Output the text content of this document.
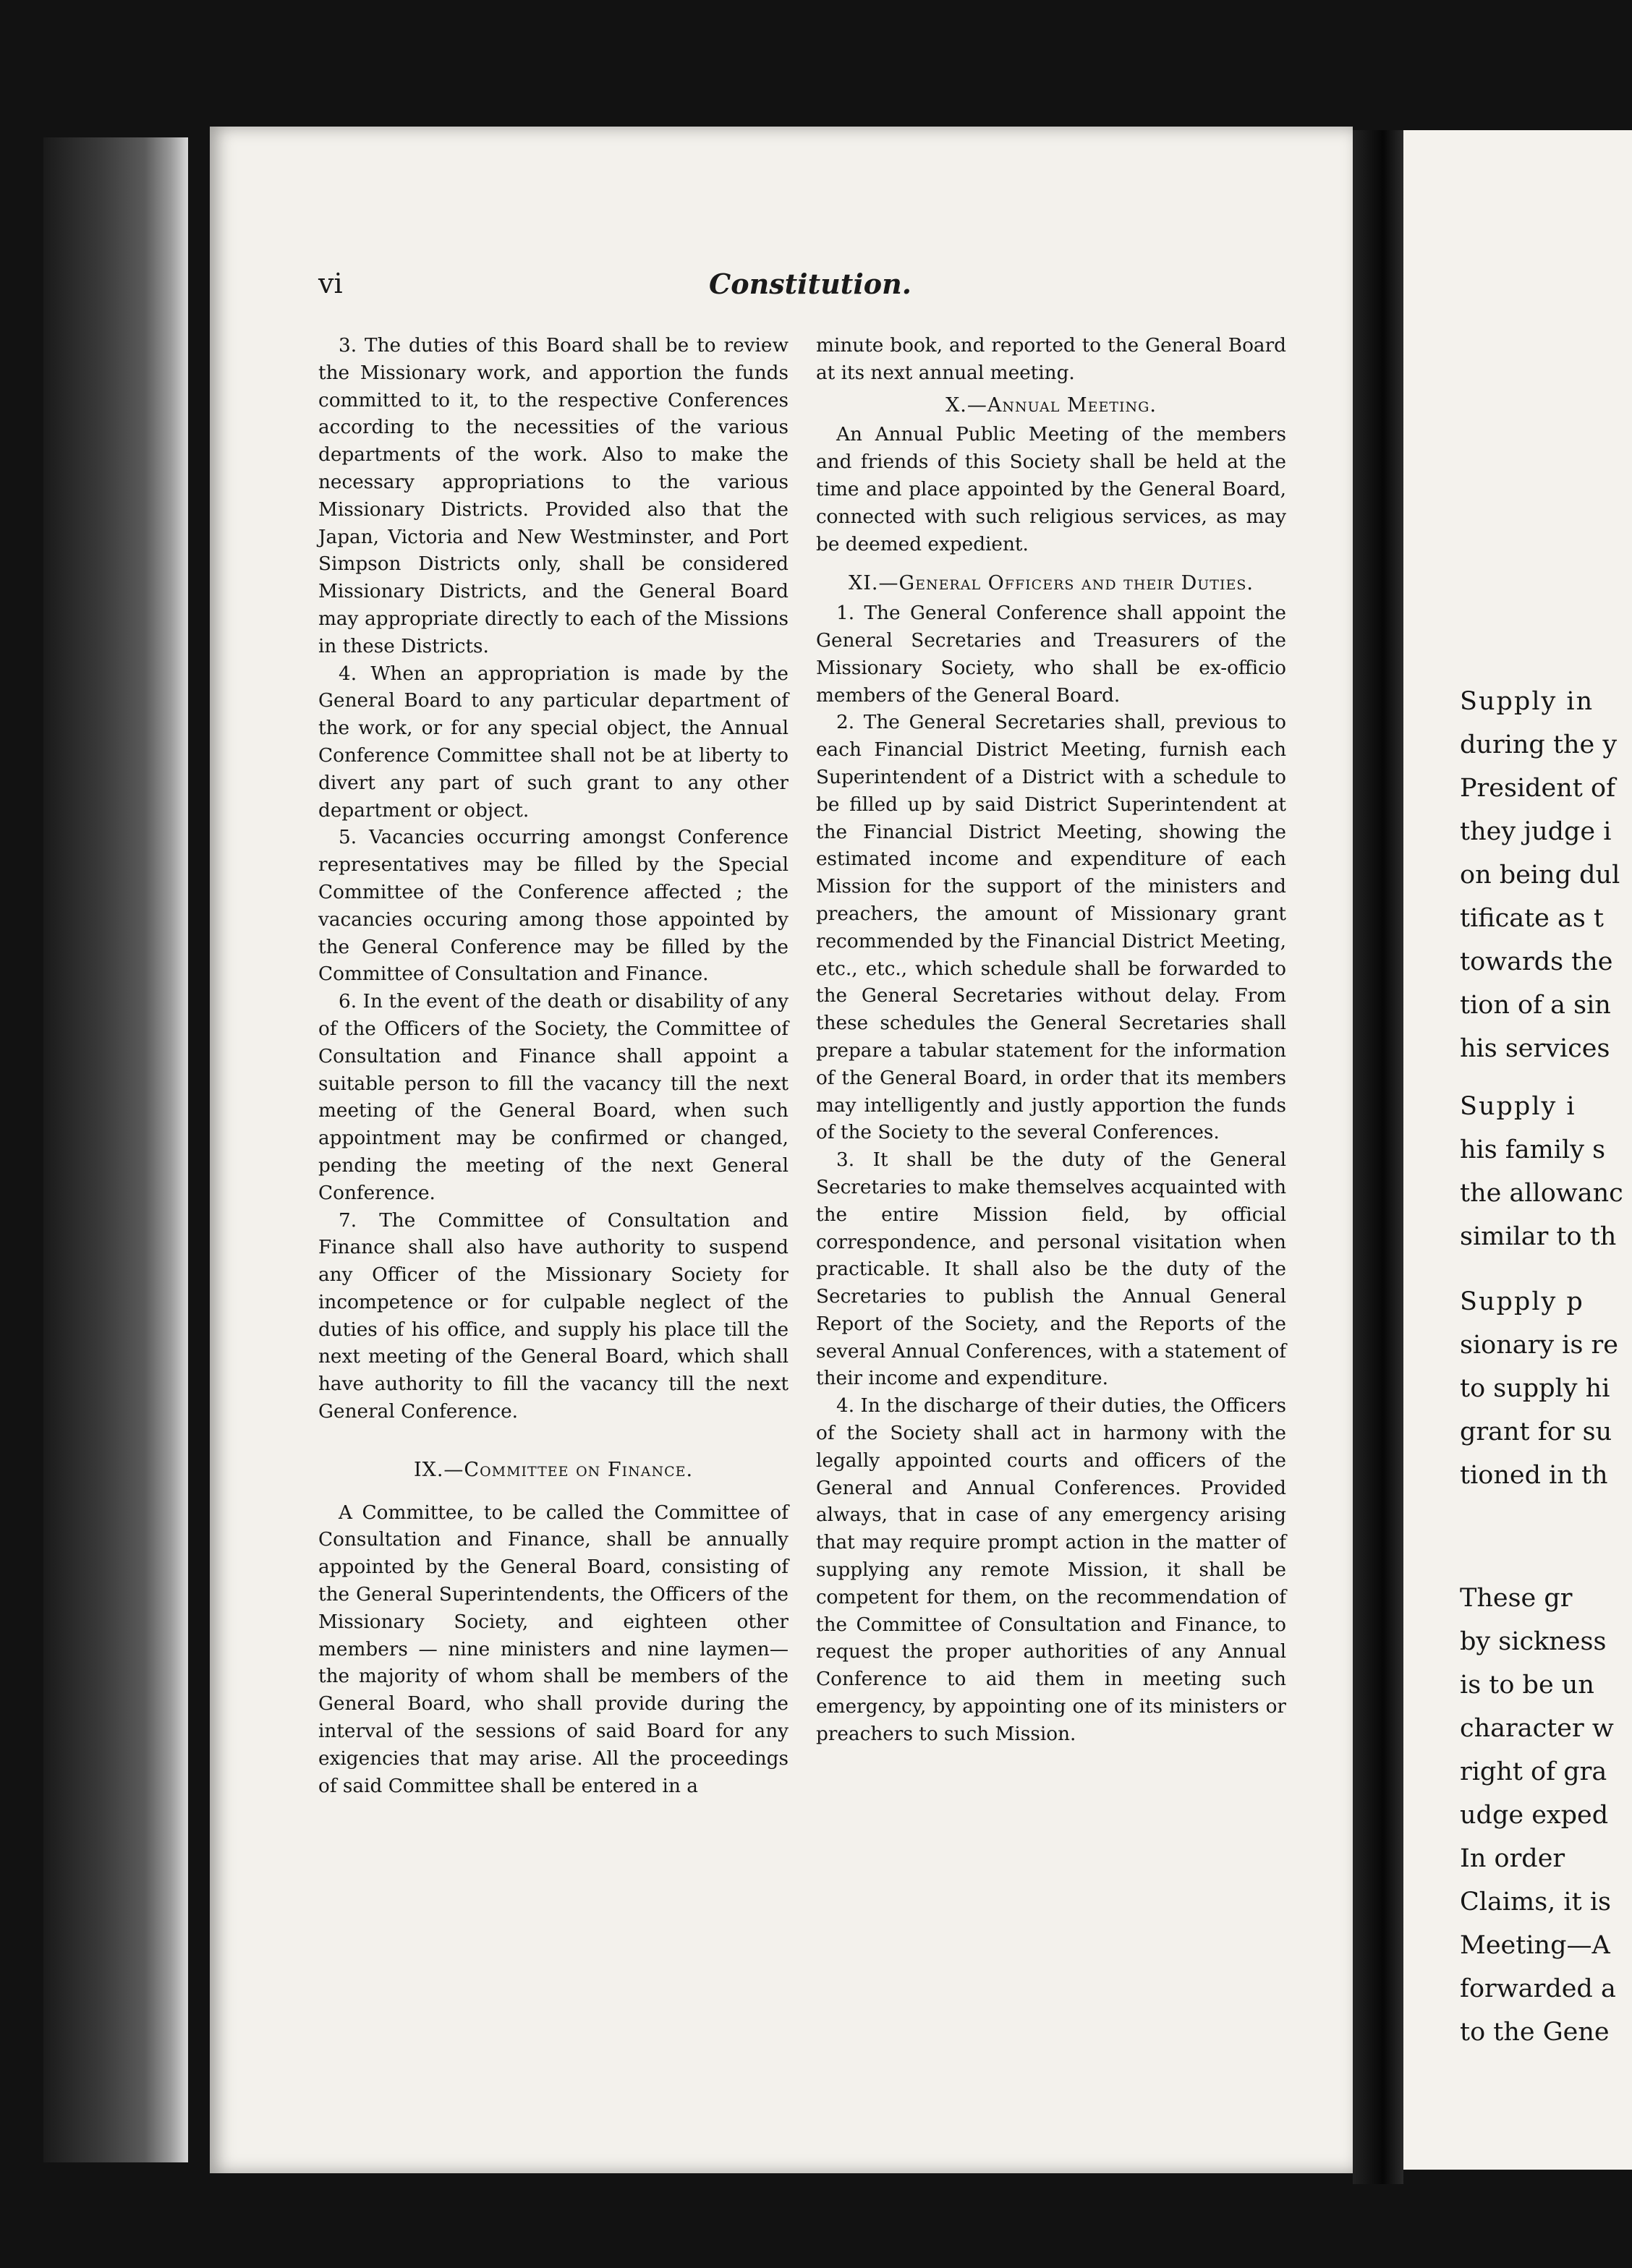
vi	Constitution.

3. The duties of this Board shall be to review the Missionary work, and apportion the funds committed to it, to the respective Conferences according to the necessities of the various departments of the work. Also to make the necessary appropriations to the various Missionary Districts. Provided also that the Japan, Victoria and New Westminster, and Port Simpson Districts only, shall be considered Missionary Districts, and the General Board may appropriate directly to each of the Missions in these Districts.

4. When an appropriation is made by the General Board to any particular department of the work, or for any special object, the Annual Conference Committee shall not be at liberty to divert any part of such grant to any other department or object.

5. Vacancies occurring amongst Conference representatives may be filled by the Special Committee of the Conference affected ; the vacancies occuring among those appointed by the General Conference may be filled by the Committee of Consultation and Finance.

6. In the event of the death or disability of any of the Officers of the Society, the Committee of Consultation and Finance shall appoint a suitable person to fill the vacancy till the next meeting of the General Board, when such appointment may be confirmed or changed, pending the meeting of the next General Conference.

7. The Committee of Consultation and Finance shall also have authority to suspend any Officer of the Missionary Society for incompetence or for culpable neglect of the duties of his office, and supply his place till the next meeting of the General Board, which shall have authority to fill the vacancy till the next General Conference.

IX.—Committee on Finance.

A Committee, to be called the Committee of Consultation and Finance, shall be annually appointed by the General Board, consisting of the General Superintendents, the Officers of the Missionary Society, and eighteen other members — nine ministers and nine laymen—the majority of whom shall be members of the General Board, who shall provide during the interval of the sessions of said Board for any exigencies that may arise. All the proceedings of said Committee shall be entered in a

minute book, and reported to the General Board at its next annual meeting.

X.—Annual Meeting.

An Annual Public Meeting of the members and friends of this Society shall be held at the time and place appointed by the General Board, connected with such religious services, as may be deemed expedient.

XI.—General Officers and their Duties.

1. The General Conference shall appoint the General Secretaries and Treasurers of the Missionary Society, who shall be ex-officio members of the General Board.

2. The General Secretaries shall, previous to each Financial District Meeting, furnish each Superintendent of a District with a schedule to be filled up by said District Superintendent at the Financial District Meeting, showing the estimated income and expenditure of each Mission for the support of the ministers and preachers, the amount of Missionary grant recommended by the Financial District Meeting, etc., etc., which schedule shall be forwarded to the General Secretaries without delay. From these schedules the General Secretaries shall prepare a tabular statement for the information of the General Board, in order that its members may intelligently and justly apportion the funds of the Society to the several Conferences.

3. It shall be the duty of the General Secretaries to make themselves acquainted with the entire Mission field, by official correspondence, and personal visitation when practicable. It shall also be the duty of the Secretaries to publish the Annual General Report of the Society, and the Reports of the several Annual Conferences, with a statement of their income and expenditure.

4. In the discharge of their duties, the Officers of the Society shall act in harmony with the legally appointed courts and officers of the General and Annual Conferences. Provided always, that in case of any emergency arising that may require prompt action in the matter of supplying any remote Mission, it shall be competent for them, on the recommendation of the Committee of Consultation and Finance, to request the proper authorities of any Annual Conference to aid them in meeting such emergency, by appointing one of its ministers or preachers to such Mission.

Supply in
during the y
President of
they judge i
on being dul
tificate as t
towards the
tion of a sin
his services
Supply i
his family s
the allowanc
similar to th
Supply p
sionary is re
to supply hi
grant for su
tioned in th
These gr
by sickness
is to be un
character w
right of gra
udge exped
In order
Claims, it is
Meeting—A
forwarded a
to the Gene
